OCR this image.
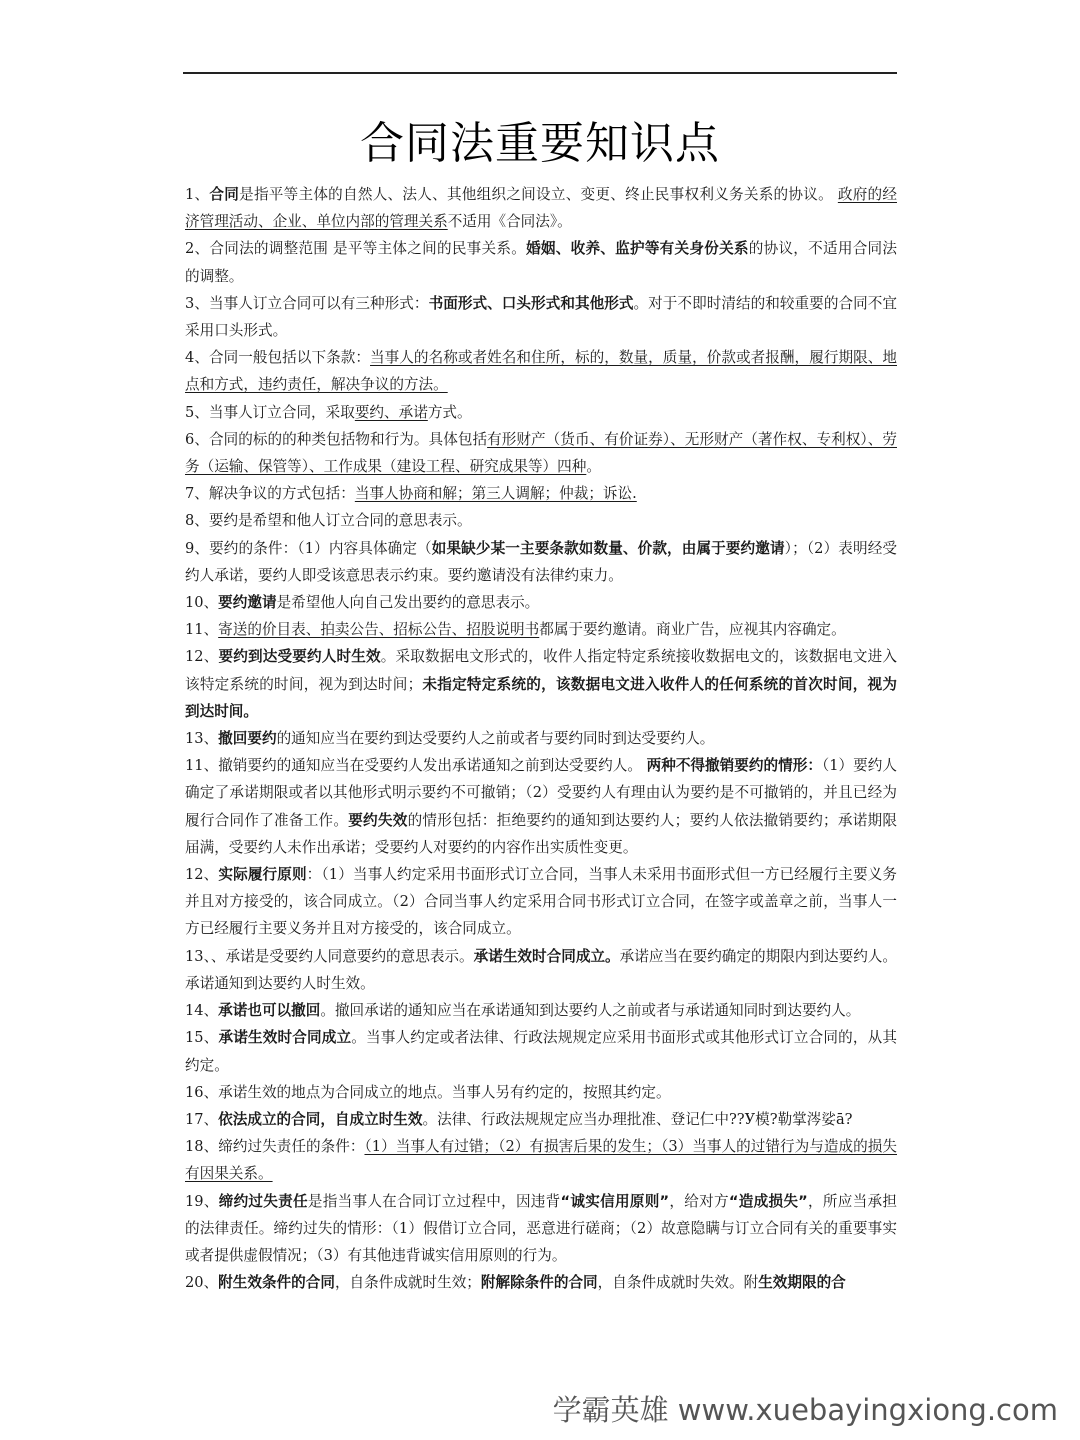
合同法重要知识点

1、合同是指平等主体的自然人、法人、其他组织之间设立、变更、终止民事权利义务关系的协议。 政府的经济管理活动、企业、单位内部的管理关系不适用《合同法》。

2、合同法的调整范围 是平等主体之间的民事关系。婚姻、收养、监护等有关身份关系的协议，不适用合同法的调整。

3、当事人订立合同可以有三种形式：书面形式、口头形式和其他形式。对于不即时清结的和较重要的合同不宜采用口头形式。

4、合同一般包括以下条款：当事人的名称或者姓名和住所，标的，数量，质量，价款或者报酬，履行期限、地点和方式，违约责任，解决争议的方法。

5、当事人订立合同，采取要约、承诺方式。

6、合同的标的的种类包括物和行为。具体包括有形财产（货币、有价证券）、无形财产（著作权、专利权）、劳务（运输、保管等）、工作成果（建设工程、研究成果等）四种。

7、解决争议的方式包括：当事人协商和解；第三人调解；仲裁；诉讼.

8、要约是希望和他人订立合同的意思表示。

9、要约的条件：（1）内容具体确定（如果缺少某一主要条款如数量、价款，由属于要约邀请）；（2）表明经受约人承诺，要约人即受该意思表示约束。要约邀请没有法律约束力。

10、要约邀请是希望他人向自己发出要约的意思表示。

11、寄送的价目表、拍卖公告、招标公告、招股说明书都属于要约邀请。商业广告，应视其内容确定。

12、要约到达受要约人时生效。采取数据电文形式的，收件人指定特定系统接收数据电文的，该数据电文进入该特定系统的时间，视为到达时间；未指定特定系统的，该数据电文进入收件人的任何系统的首次时间，视为到达时间。

13、撤回要约的通知应当在要约到达受要约人之前或者与要约同时到达受要约人。

11、撤销要约的通知应当在受要约人发出承诺通知之前到达受要约人。 两种不得撤销要约的情形：（1）要约人确定了承诺期限或者以其他形式明示要约不可撤销；（2）受要约人有理由认为要约是不可撤销的，并且已经为履行合同作了准备工作。要约失效的情形包括：拒绝要约的通知到达要约人；要约人依法撤销要约；承诺期限届满，受要约人未作出承诺；受要约人对要约的内容作出实质性变更。

12、实际履行原则：（1）当事人约定采用书面形式订立合同，当事人未采用书面形式但一方已经履行主要义务并且对方接受的，该合同成立。（2）合同当事人约定采用合同书形式订立合同，在签字或盖章之前，当事人一方已经履行主要义务并且对方接受的，该合同成立。

13、、承诺是受要约人同意要约的意思表示。承诺生效时合同成立。承诺应当在要约确定的期限内到达要约人。承诺通知到达要约人时生效。

14、承诺也可以撤回。撤回承诺的通知应当在承诺通知到达要约人之前或者与承诺通知同时到达要约人。

15、承诺生效时合同成立。当事人约定或者法律、行政法规规定应采用书面形式或其他形式订立合同的，从其约定。

16、承诺生效的地点为合同成立的地点。当事人另有约定的，按照其约定。

17、依法成立的合同，自成立时生效。法律、行政法规规定应当办理批准、登记仁中??У模?勒掌涔娑ā?

18、缔约过失责任的条件：（1）当事人有过错；（2）有损害后果的发生；（3）当事人的过错行为与造成的损失有因果关系。

19、缔约过失责任是指当事人在合同订立过程中，因违背“诚实信用原则”，给对方“造成损失”，所应当承担的法律责任。缔约过失的情形：（1）假借订立合同，恶意进行磋商；（2）故意隐瞒与订立合同有关的重要事实或者提供虚假情况；（3）有其他违背诚实信用原则的行为。

20、附生效条件的合同，自条件成就时生效；附解除条件的合同，自条件成就时失效。附生效期限的合

学霸英雄 www.xuebayingxiong.com
